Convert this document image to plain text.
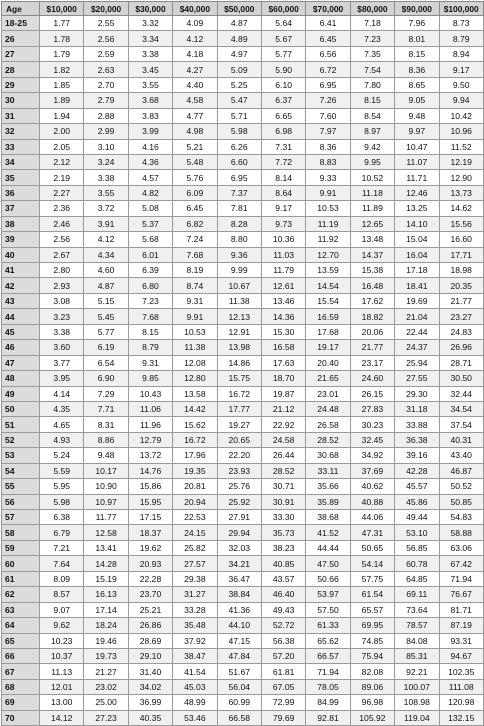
Age	$10,000	$20,000	$30,000	$40,000	$50,000	$60,000	$70,000	$80,000	$90,000	$100,000
18-25	1.77	2.55	3.32	4.09	4.87	5.64	6.41	7.18	7.96	8.73
26	1.78	2.56	3.34	4.12	4.89	5.67	6.45	7.23	8.01	8.79
27	1.79	2.59	3.38	4.18	4.97	5.77	6.56	7.35	8.15	8.94
28	1.82	2.63	3.45	4.27	5.09	5.90	6.72	7.54	8.36	9.17
29	1.85	2.70	3.55	4.40	5.25	6.10	6.95	7.80	8.65	9.50
30	1.89	2.79	3.68	4.58	5.47	6.37	7.26	8.15	9.05	9.94
31	1.94	2.88	3.83	4.77	5.71	6.65	7.60	8.54	9.48	10.42
32	2.00	2.99	3.99	4.98	5.98	6.98	7.97	8.97	9.97	10.96
33	2.05	3.10	4.16	5.21	6.26	7.31	8.36	9.42	10.47	11.52
34	2.12	3.24	4.36	5.48	6.60	7.72	8.83	9.95	11.07	12.19
35	2.19	3.38	4.57	5.76	6.95	8.14	9.33	10.52	11.71	12.90
36	2.27	3.55	4.82	6.09	7.37	8.64	9.91	11.18	12.46	13.73
37	2.36	3.72	5.08	6.45	7.81	9.17	10.53	11.89	13.25	14.62
38	2.46	3.91	5.37	6.82	8.28	9.73	11.19	12.65	14.10	15.56
39	2.56	4.12	5.68	7.24	8.80	10.36	11.92	13.48	15.04	16.60
40	2.67	4.34	6.01	7.68	9.36	11.03	12.70	14.37	16.04	17.71
41	2.80	4.60	6.39	8.19	9.99	11.79	13.59	15.38	17.18	18.98
42	2.93	4.87	6.80	8.74	10.67	12.61	14.54	16.48	18.41	20.35
43	3.08	5.15	7.23	9.31	11.38	13.46	15.54	17.62	19.69	21.77
44	3.23	5.45	7.68	9.91	12.13	14.36	16.59	18.82	21.04	23.27
45	3.38	5.77	8.15	10.53	12.91	15.30	17.68	20.06	22.44	24.83
46	3.60	6.19	8.79	11.38	13.98	16.58	19.17	21.77	24.37	26.96
47	3.77	6.54	9.31	12.08	14.86	17.63	20.40	23.17	25.94	28.71
48	3.95	6.90	9.85	12.80	15.75	18.70	21.65	24.60	27.55	30.50
49	4.14	7.29	10.43	13.58	16.72	19.87	23.01	26.15	29.30	32.44
50	4.35	7.71	11.06	14.42	17.77	21.12	24.48	27.83	31.18	34.54
51	4.65	8.31	11.96	15.62	19.27	22.92	26.58	30.23	33.88	37.54
52	4.93	8.86	12.79	16.72	20.65	24.58	28.52	32.45	36.38	40.31
53	5.24	9.48	13.72	17.96	22.20	26.44	30.68	34.92	39.16	43.40
54	5.59	10.17	14.76	19.35	23.93	28.52	33.11	37.69	42.28	46.87
55	5.95	10.90	15.86	20.81	25.76	30.71	35.66	40.62	45.57	50.52
56	5.98	10.97	15.95	20.94	25.92	30.91	35.89	40.88	45.86	50.85
57	6.38	11.77	17.15	22.53	27.91	33.30	38.68	44.06	49.44	54.83
58	6.79	12.58	18.37	24.15	29.94	35.73	41.52	47.31	53.10	58.88
59	7.21	13.41	19.62	25.82	32.03	38.23	44.44	50.65	56.85	63.06
60	7.64	14.28	20.93	27.57	34.21	40.85	47.50	54.14	60.78	67.42
61	8.09	15.19	22.28	29.38	36.47	43.57	50.66	57.75	64.85	71.94
62	8.57	16.13	23.70	31.27	38.84	46.40	53.97	61.54	69.11	76.67
63	9.07	17.14	25.21	33.28	41.36	49.43	57.50	65.57	73.64	81.71
64	9.62	18.24	26.86	35.48	44.10	52.72	61.33	69.95	78.57	87.19
65	10.23	19.46	28.69	37.92	47.15	56.38	65.62	74.85	84.08	93.31
66	10.37	19.73	29.10	38.47	47.84	57.20	66.57	75.94	85.31	94.67
67	11.13	21.27	31.40	41.54	51.67	61.81	71.94	82.08	92.21	102.35
68	12.01	23.02	34.02	45.03	56.04	67.05	78.05	89.06	100.07	111.08
69	13.00	25.00	36.99	48.99	60.99	72.99	84.99	96.98	108.98	120.98
70	14.12	27.23	40.35	53.46	66.58	79.69	92.81	105.92	119.04	132.15
